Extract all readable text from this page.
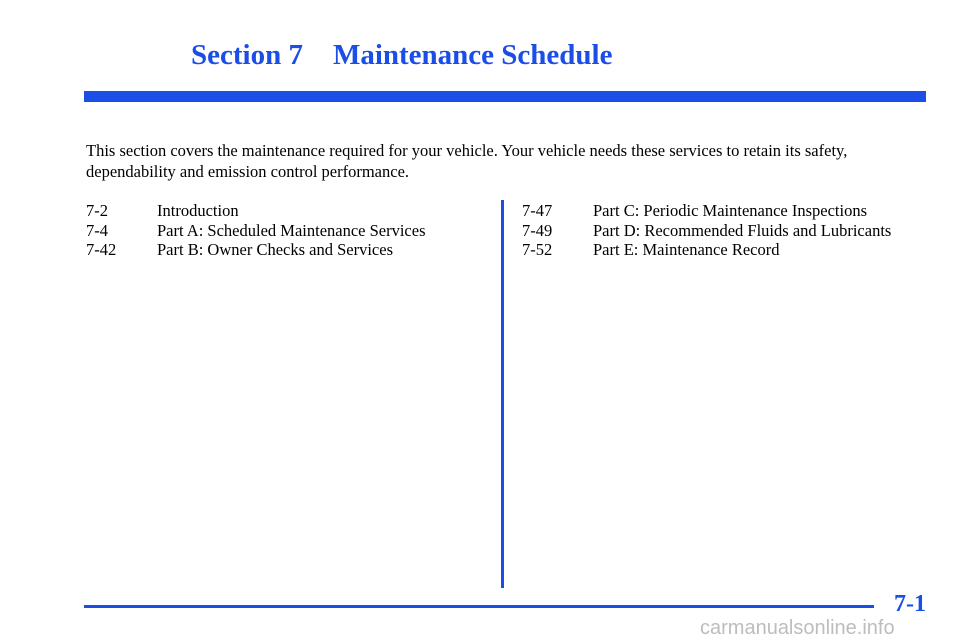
Section 7 Maintenance Schedule

This section covers the maintenance required for your vehicle. Your vehicle needs these services to retain its safety, dependability and emission control performance.

7-2	Introduction
7-4	Part A: Scheduled Maintenance Services
7-42	Part B: Owner Checks and Services
7-47	Part C: Periodic Maintenance Inspections
7-49	Part D: Recommended Fluids and Lubricants
7-52	Part E: Maintenance Record
7-1
carmanualsonline.info
